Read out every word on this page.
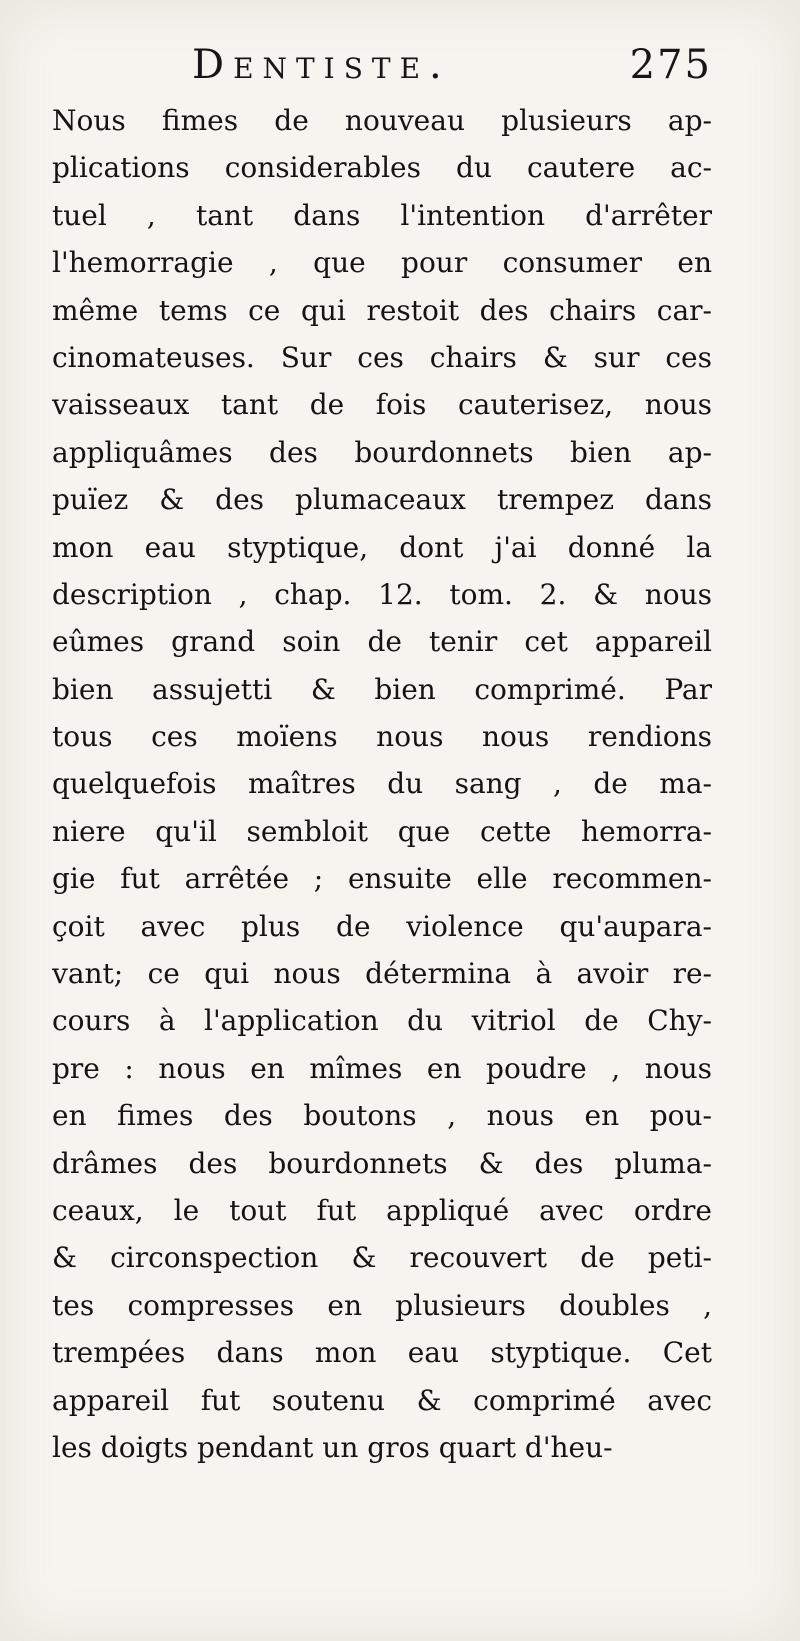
Dentiste.	275
Nous fimes de nouveau plusieurs ap-
plications considerables du cautere ac-
tuel , tant dans l'intention d'arrêter
l'hemorragie , que pour consumer en
même tems ce qui restoit des chairs car-
cinomateuses. Sur ces chairs & sur ces
vaisseaux tant de fois cauterisez, nous
appliquâmes des bourdonnets bien ap-
puïez & des plumaceaux trempez dans
mon eau styptique, dont j'ai donné la
description , chap. 12. tom. 2. & nous
eûmes grand soin de tenir cet appareil
bien assujetti & bien comprimé. Par
tous ces moïens nous nous rendions
quelquefois maîtres du sang , de ma-
niere qu'il sembloit que cette hemorra-
gie fut arrêtée ; ensuite elle recommen-
çoit avec plus de violence qu'aupara-
vant; ce qui nous détermina à avoir re-
cours à l'application du vitriol de Chy-
pre : nous en mîmes en poudre , nous
en fimes des boutons , nous en pou-
drâmes des bourdonnets & des pluma-
ceaux, le tout fut appliqué avec ordre
& circonspection & recouvert de peti-
tes compresses en plusieurs doubles ,
trempées dans mon eau styptique. Cet
appareil fut soutenu & comprimé avec
les doigts pendant un gros quart d'heu-
